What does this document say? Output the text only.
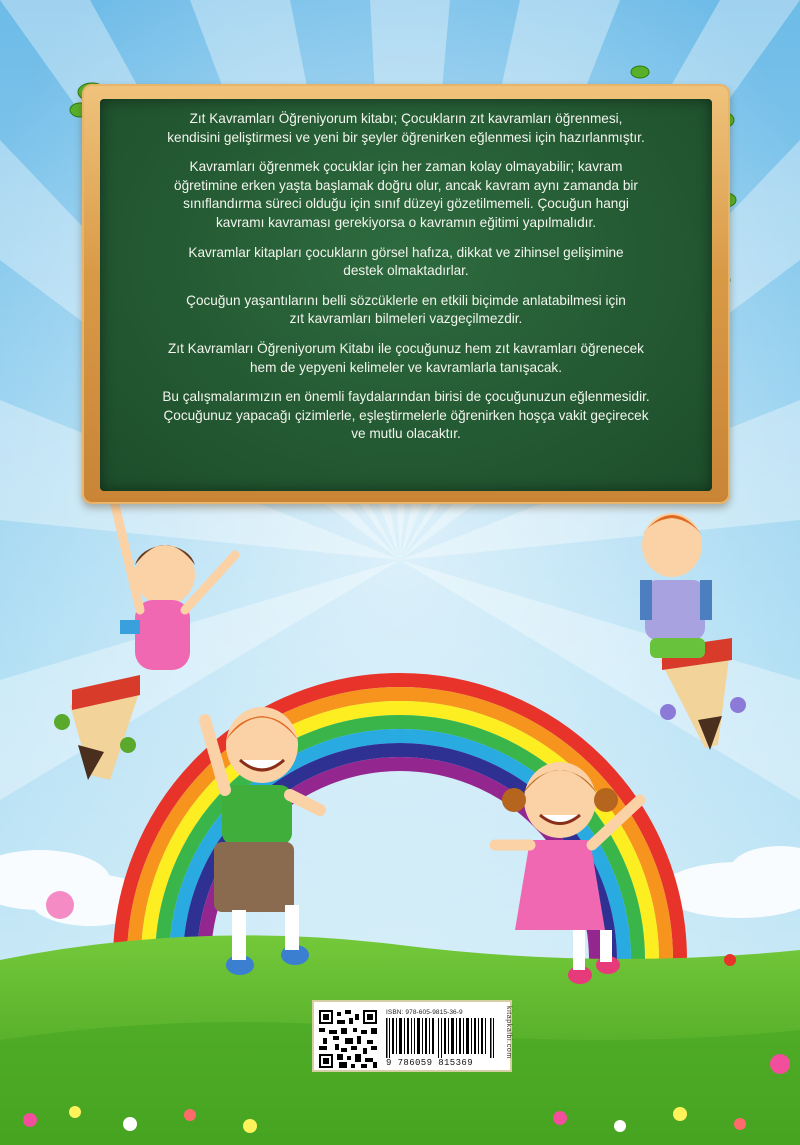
Zıt Kavramları Öğreniyorum kitabı; Çocukların zıt kavramları öğrenmesi,
kendisini geliştirmesi ve yeni bir şeyler öğrenirken eğlenmesi için hazırlanmıştır.

Kavramları öğrenmek çocuklar için her zaman kolay olmayabilir; kavram
öğretimine erken yaşta başlamak doğru olur, ancak kavram aynı zamanda bir
sınıflandırma süreci olduğu için sınıf düzeyi gözetilmemeli. Çocuğun hangi
kavramı kavraması gerekiyorsa o kavramın eğitimi yapılmalıdır.

Kavramlar kitapları çocukların görsel hafıza, dikkat ve zihinsel gelişimine
destek olmaktadırlar.

Çocuğun yaşantılarını belli sözcüklerle en etkili biçimde anlatabilmesi için
zıt kavramları bilmeleri vazgeçilmezdir.

Zıt Kavramları Öğreniyorum Kitabı ile çocuğunuz hem zıt kavramları öğrenecek
hem de yepyeni kelimeler ve kavramlarla tanışacak.

Bu çalışmalarımızın en önemli faydalarından birisi de çocuğunuzun eğlenmesidir.
Çocuğunuz yapacağı çizimlerle, eşleştirmelerle öğrenirken hoşça vakit geçirecek
ve mutlu olacaktır.

ISBN: 978-605-9815-36-9
9 786059 815369
kitapkalbi.com
